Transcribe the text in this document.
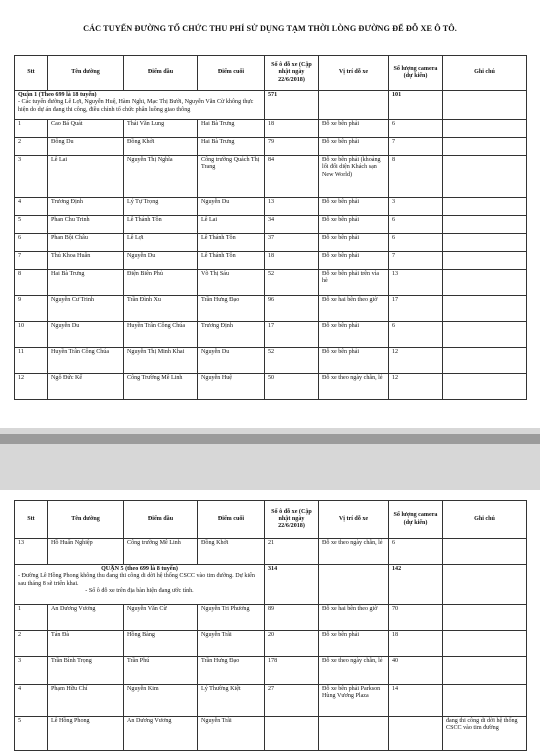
CÁC TUYẾN ĐƯỜNG TỔ CHỨC THU PHÍ SỬ DỤNG TẠM THỜI LÒNG ĐƯỜNG ĐỂ ĐỖ XE Ô TÔ.
Stt	Tên đường	Điểm đầu	Điểm cuối	Số ô đỗ xe (Cập nhật ngày 22/6/2018)	Vị trí đỗ xe	Số lượng camera (dự kiến)	Ghi chú

Quận 1 (Theo 699 là 18 tuyến)
- Các tuyến đường Lê Lợi, Nguyễn Huệ, Hàm Nghi, Mạc Thị Bưởi, Nguyễn Văn Cừ không thực hiện do dự án đang thi công, điều chỉnh tổ chức phân luồng giao thông				571		101	
1	Cao Bá Quát	Thái Văn Lung	Hai Bà Trưng	18	Đỗ xe bên phải	6	
2	Đông Du	Đồng Khởi	Hai Bà Trưng	79	Đỗ xe bên phải	7	
3	Lê Lai	Nguyễn Thị Nghĩa	Công trường Quách Thị Trang	84	Đỗ xe bên phải (khoảng lối đối diện Khách sạn New World)	8	
4	Trương Định	Lý Tự Trọng	Nguyễn Du	13	Đỗ xe bên phải	3	
5	Phan Chu Trinh	Lê Thánh Tôn	Lê Lai	34	Đỗ xe bên phải	6	
6	Phan Bội Châu	Lê Lợi	Lê Thánh Tôn	37	Đỗ xe bên phải	6	
7	Thủ Khoa Huân	Nguyễn Du	Lê Thánh Tôn	18	Đỗ xe bên phải	7	
8	Hai Bà Trưng	Điện Biên Phủ	Võ Thị Sáu	52	Đỗ xe bên phải trên vỉa hè	13	
9	Nguyễn Cư Trinh	Trần Đình Xu	Trần Hưng Đạo	96	Đỗ xe hai bên theo giờ	17	
10	Nguyễn Du	Huyền Trân Công Chúa	Trương Định	17	Đỗ xe bên phải	6	
11	Huyền Trân Công Chúa	Nguyễn Thị Minh Khai	Nguyễn Du	52	Đỗ xe bên phải	12	
12	Ngô Đức Kế	Công Trường Mê Linh	Nguyễn Huệ	50	Đỗ xe theo ngày chẵn, lẻ	12	
Stt	Tên đường	Điểm đầu	Điểm cuối	Số ô đỗ xe (Cập nhật ngày 22/6/2018)	Vị trí đỗ xe	Số lượng camera (dự kiến)	Ghi chú
13	Hồ Huấn Nghiệp	Công trường Mê Linh	Đồng Khởi	21	Đỗ xe theo ngày chẵn, lẻ	6	

QUẬN 5 (theo 699 là 8 tuyến)
- Đường Lê Hồng Phong không thu đang thi công di dời hệ thống CSCC vào tim đường. Dự kiến sau tháng 8 sẽ triển khai.
- Số ô đỗ xe trên địa bàn hiện đang ước tính.				314		142	
1	An Dương Vương	Nguyễn Văn Cừ	Nguyễn Tri Phương	89	Đỗ xe hai bên theo giờ	70	
2	Tản Đà	Hồng Bàng	Nguyễn Trãi	20	Đỗ xe bên phải	18	
3	Trần Bình Trọng	Trần Phú	Trần Hưng Đạo	178	Đỗ xe theo ngày chẵn, lẻ	40	
4	Phạm Hữu Chí	Nguyễn Kim	Lý Thường Kiệt	27	Đỗ xe bên phải Parkson Hùng Vương Plaza	14	
5	Lê Hồng Phong	An Dương Vương	Nguyễn Trãi				đang thi công di dời hệ thống CSCC vào tim đường
